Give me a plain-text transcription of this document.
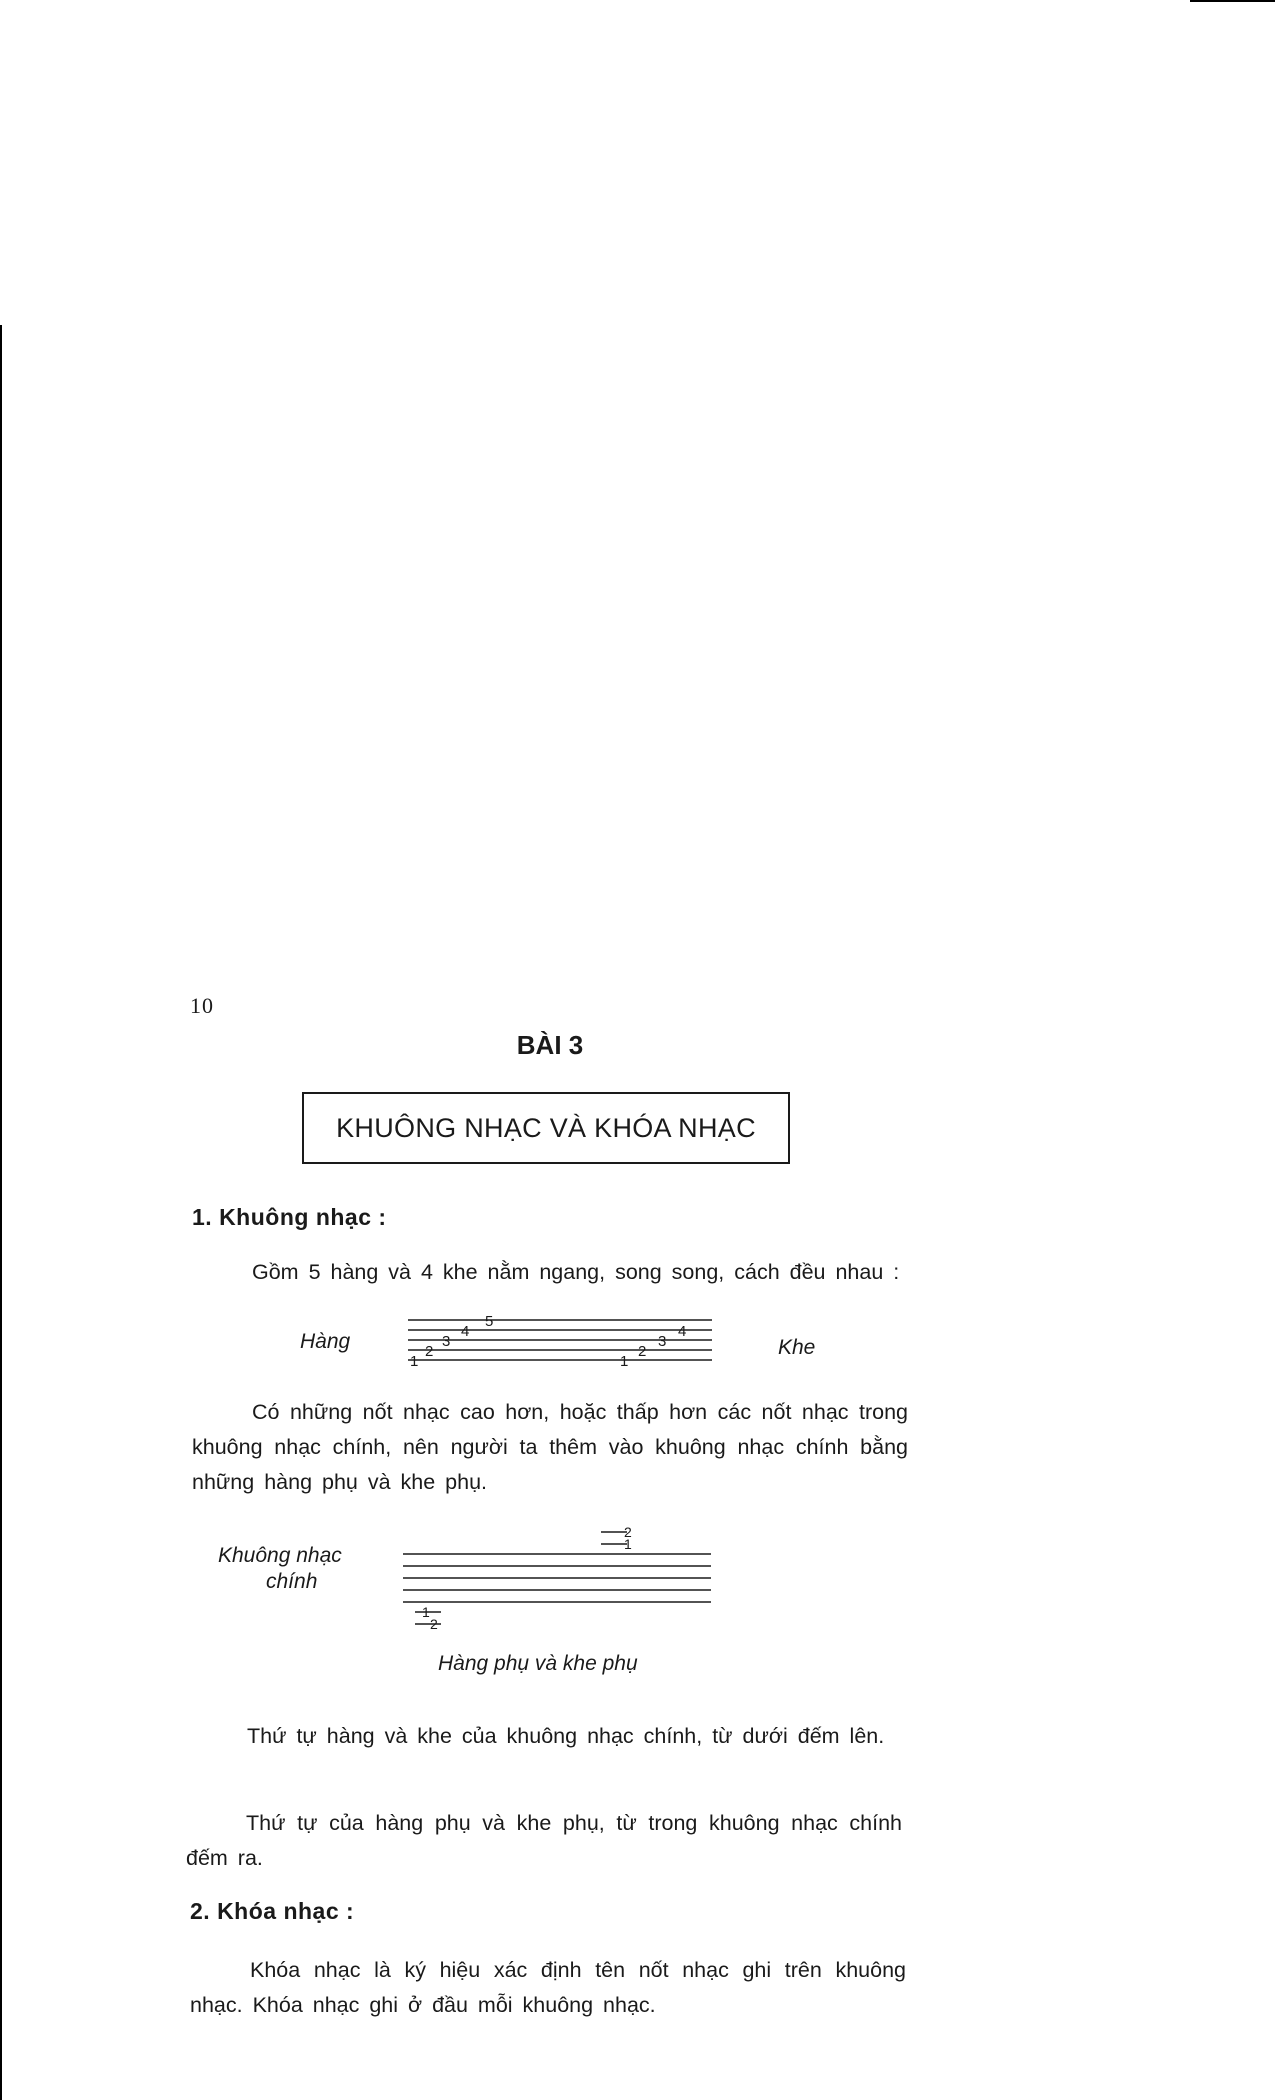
10
BÀI 3
KHUÔNG NHẠC VÀ KHÓA NHẠC
1. Khuông nhạc :
Gồm 5 hàng và 4 khe nằm ngang, song song, cách đều nhau :
Hàng	Khe
1
2
3
4
5
1
2
3
4
Có những nốt nhạc cao hơn, hoặc thấp hơn các nốt nhạc trong khuông nhạc chính, nên người ta thêm vào khuông nhạc chính bằng những hàng phụ và khe phụ.
Khuông nhạc
chính
2
1
1
2
Hàng phụ và khe phụ
Thứ tự hàng và khe của khuông nhạc chính, từ dưới đếm lên.
Thứ tự của hàng phụ và khe phụ, từ trong khuông nhạc chính đếm ra.
2. Khóa nhạc :
Khóa nhạc là ký hiệu xác định tên nốt nhạc ghi trên khuông nhạc. Khóa nhạc ghi ở đầu mỗi khuông nhạc.
